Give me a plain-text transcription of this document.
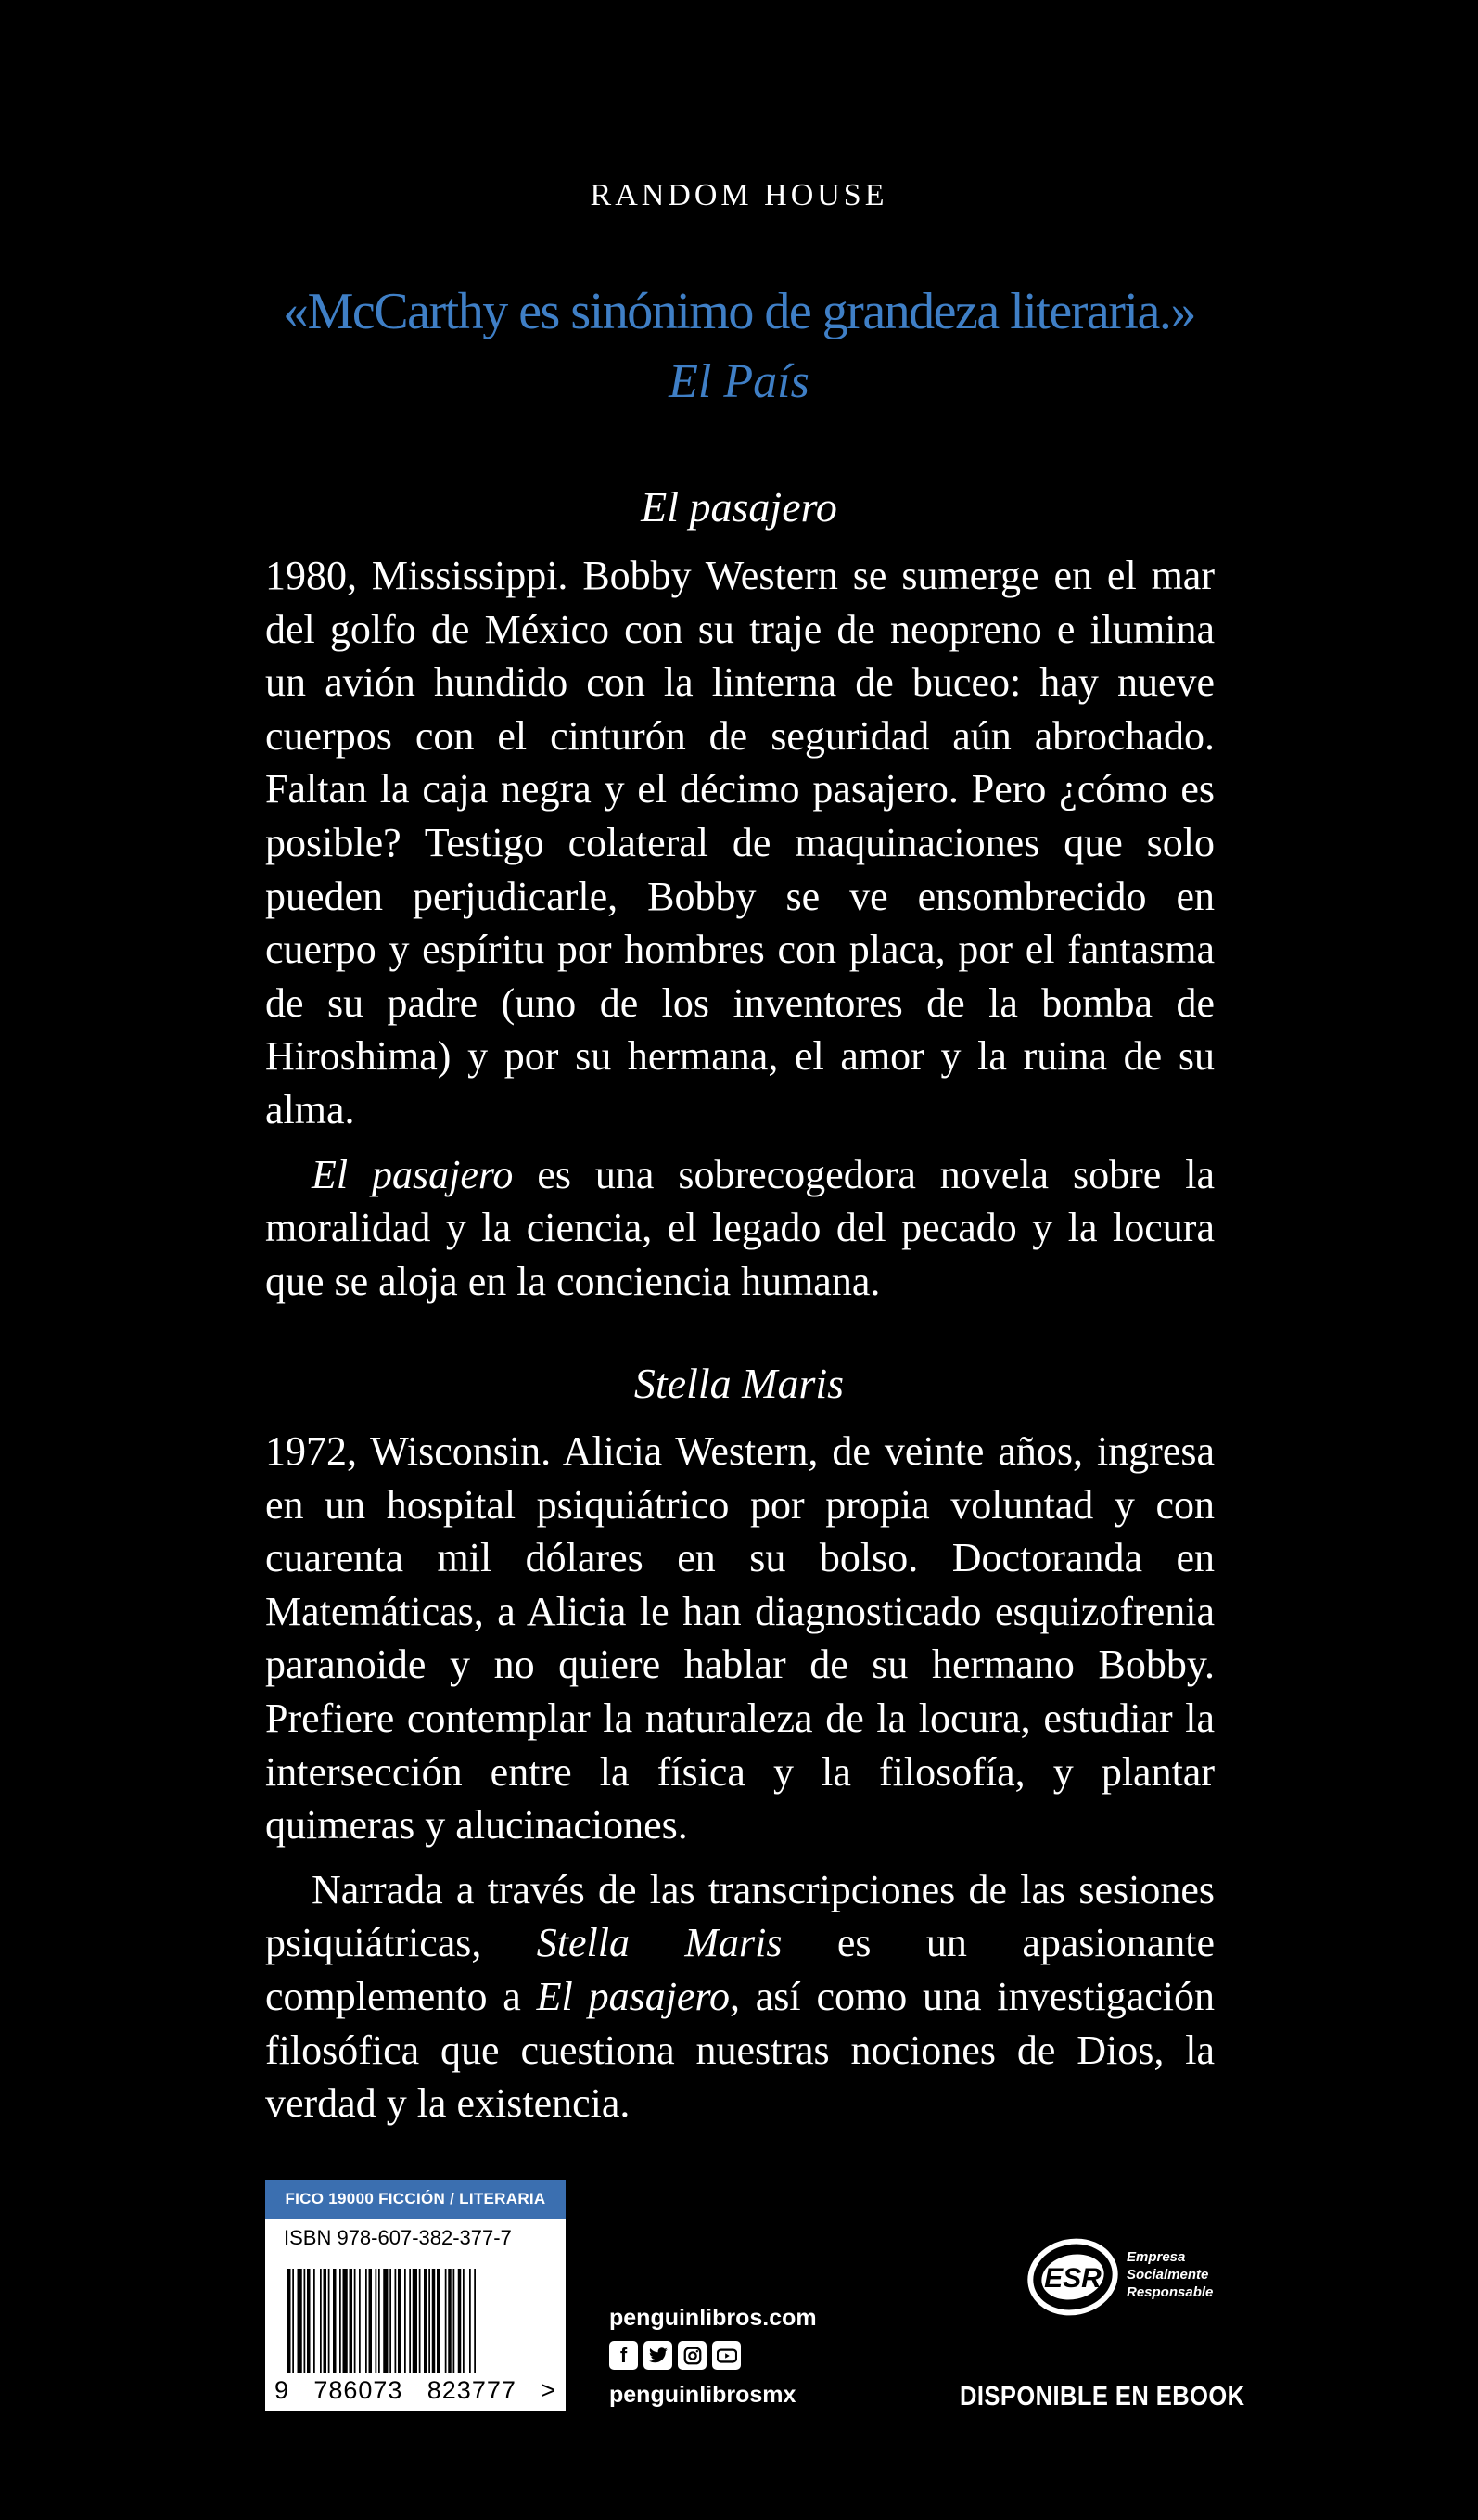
RANDOM HOUSE
«McCarthy es sinónimo de grandeza literaria.»
El País
El pasajero

1980, Mississippi. Bobby Western se sumerge en el mar del golfo de México con su traje de neopreno e ilumina un avión hundido con la linterna de buceo: hay nueve cuerpos con el cinturón de seguridad aún abrochado. Faltan la caja negra y el décimo pasajero. Pero ¿cómo es posible? Testigo colateral de maquinaciones que solo pueden perjudicarle, Bobby se ve ensombrecido en cuerpo y espíritu por hombres con placa, por el fantasma de su padre (uno de los inventores de la bomba de Hiroshima) y por su hermana, el amor y la ruina de su alma.

El pasajero es una sobrecogedora novela sobre la moralidad y la ciencia, el legado del pecado y la locura que se aloja en la conciencia humana.

Stella Maris

1972, Wisconsin. Alicia Western, de veinte años, ingresa en un hospital psiquiátrico por propia voluntad y con cuarenta mil dólares en su bolso. Doctoranda en Matemáticas, a Alicia le han diagnosticado esquizofrenia paranoide y no quiere hablar de su hermano Bobby. Prefiere contemplar la naturaleza de la locura, estudiar la intersección entre la física y la filosofía, y plantar quimeras y alucinaciones.

Narrada a través de las transcripciones de las sesiones psiquiátricas, Stella Maris es un apasionante complemento a El pasajero, así como una investigación filosófica que cuestiona nuestras nociones de Dios, la verdad y la existencia.

FICO 19000 FICCIÓN / LITERARIA
ISBN 978-607-382-377-7
9 786073 823777 >
penguinlibros.com
f
penguinlibrosmx
ESR
Empresa
Socialmente
Responsable
DISPONIBLE EN EBOOK
